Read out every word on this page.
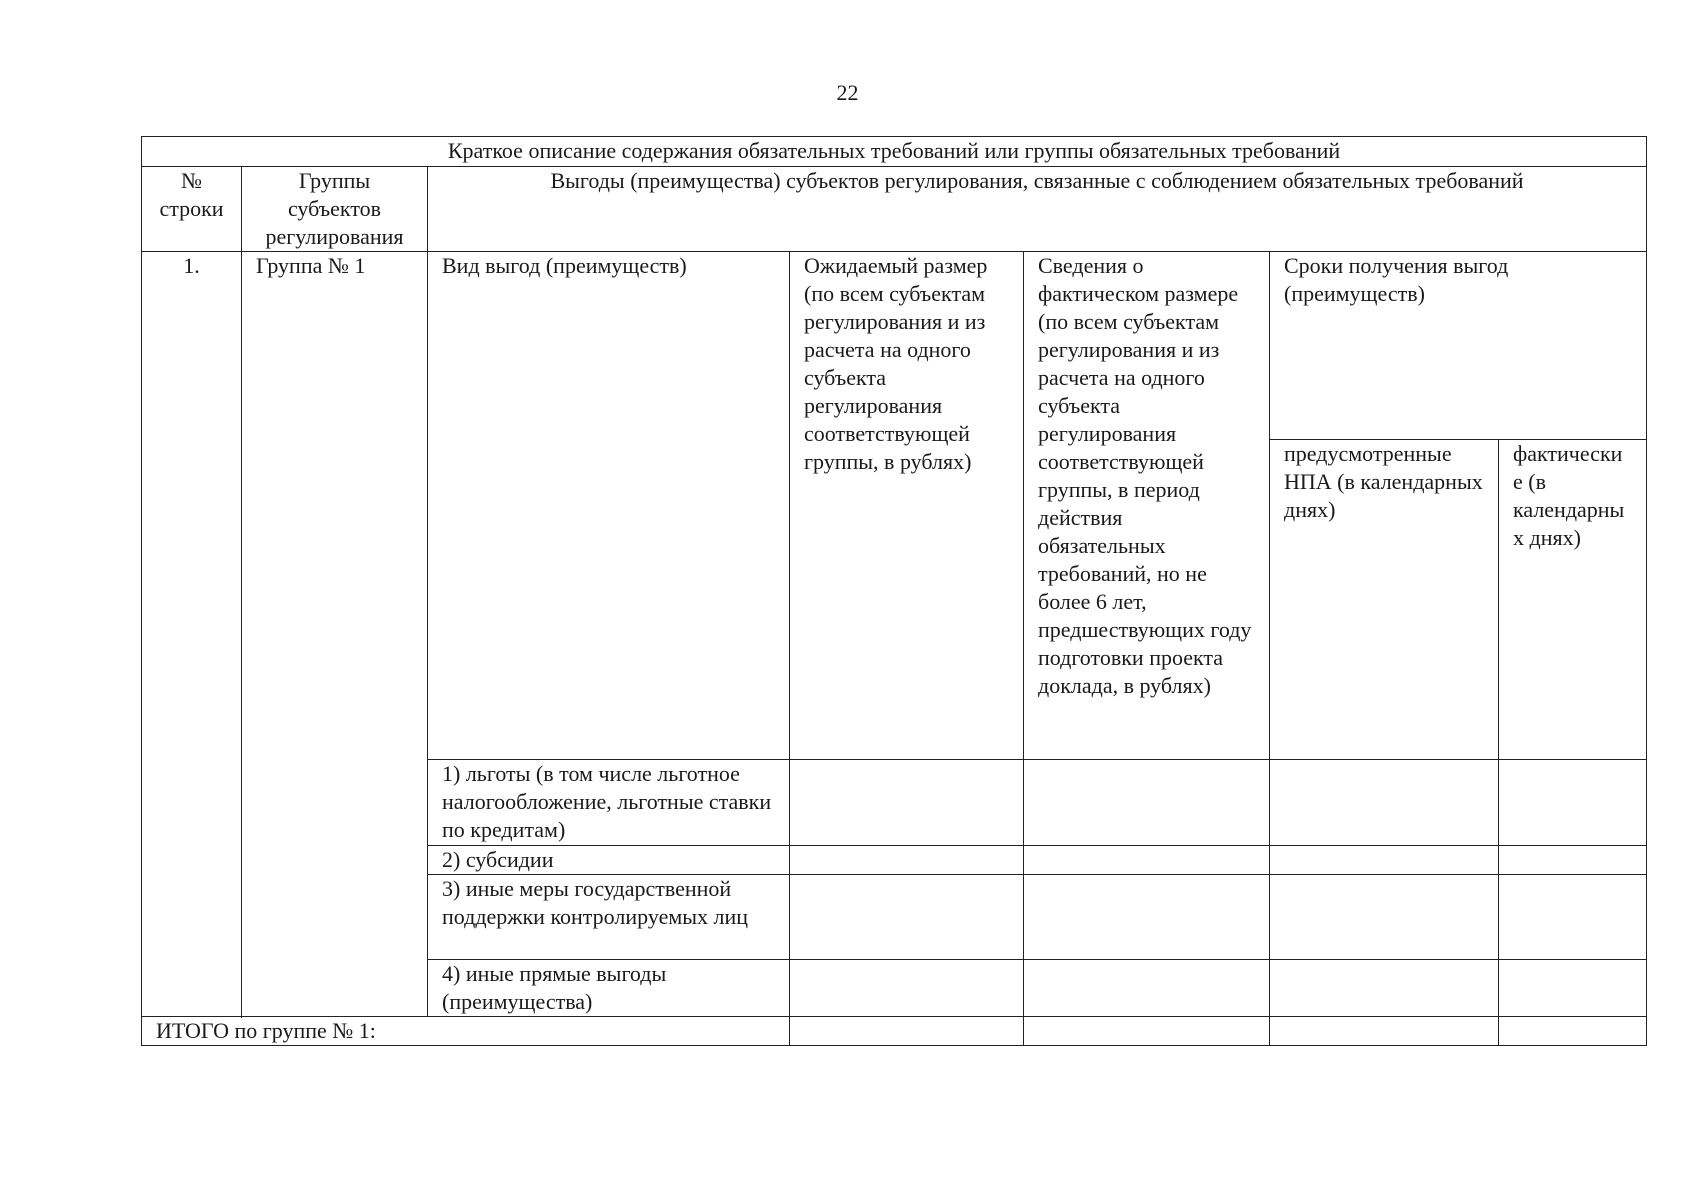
22
Краткое описание содержания обязательных требований или группы обязательных требований						
№ строки	Группы субъектов регулирования	Выгоды (преимущества) субъектов регулирования, связанные с соблюдением обязательных требований				
1.	Группа № 1	Вид выгод (преимуществ)	Ожидаемый размер (по всем субъектам регулирования и из расчета на одного субъекта регулирования соответствующей группы, в рублях)	Сведения о фактическом размере (по всем субъектам регулирования и из расчета на одного субъекта регулирования соответствующей группы, в период действия обязательных требований, но не более 6 лет, предшествующих году подготовки проекта доклада, в рублях)	Сроки получения выгод (преимуществ)	
					предусмотренные НПА (в календарных днях)	фактические (в календарных днях)
		1) льготы (в том числе льготное налогообложение, льготные ставки по кредитам)				
		2) субсидии				
		3) иные меры государственной поддержки контролируемых лиц				
		4) иные прямые выгоды (преимущества)				

ИТОГО по группе № 1:						
